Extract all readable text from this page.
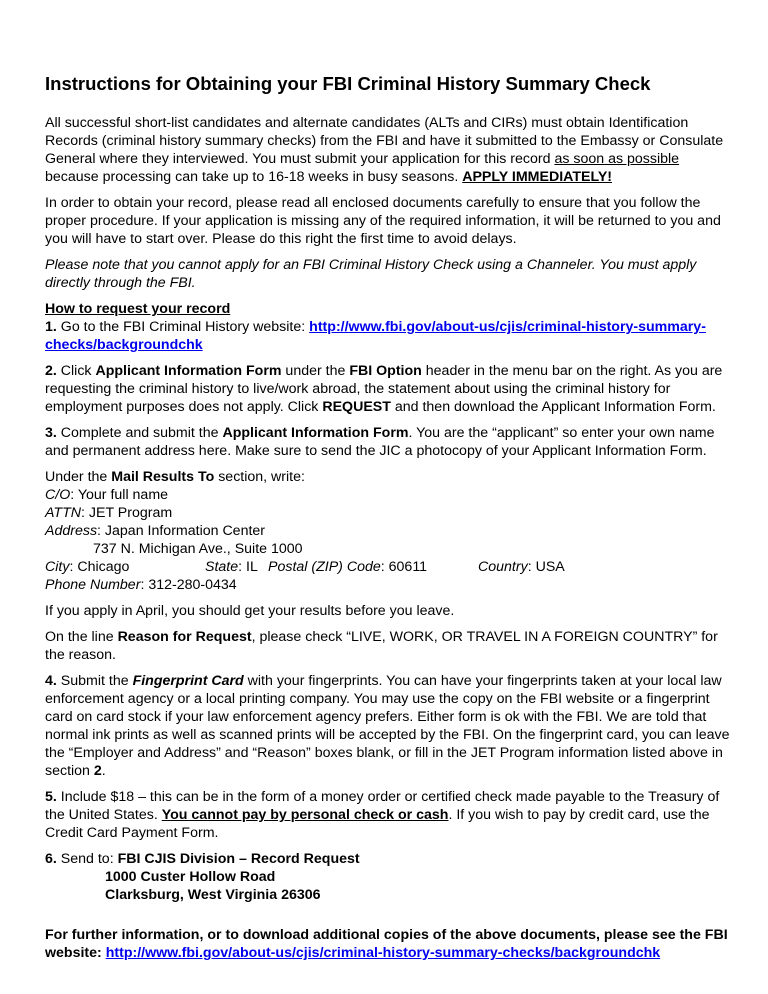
Instructions for Obtaining your FBI Criminal History Summary Check
All successful short-list candidates and alternate candidates (ALTs and CIRs) must obtain Identification Records (criminal history summary checks) from the FBI and have it submitted to the Embassy or Consulate General where they interviewed. You must submit your application for this record as soon as possible because processing can take up to 16-18 weeks in busy seasons. APPLY IMMEDIATELY!
In order to obtain your record, please read all enclosed documents carefully to ensure that you follow the proper procedure. If your application is missing any of the required information, it will be returned to you and you will have to start over. Please do this right the first time to avoid delays.
Please note that you cannot apply for an FBI Criminal History Check using a Channeler. You must apply directly through the FBI.
How to request your record
1. Go to the FBI Criminal History website: http://www.fbi.gov/about-us/cjis/criminal-history-summary-checks/backgroundchk
2. Click Applicant Information Form under the FBI Option header in the menu bar on the right. As you are requesting the criminal history to live/work abroad, the statement about using the criminal history for employment purposes does not apply. Click REQUEST and then download the Applicant Information Form.
3. Complete and submit the Applicant Information Form. You are the “applicant” so enter your own name and permanent address here. Make sure to send the JIC a photocopy of your Applicant Information Form.
Under the Mail Results To section, write:
C/O: Your full name
ATTN: JET Program
Address: Japan Information Center
737 N. Michigan Ave., Suite 1000
City: Chicago	State: IL Postal (ZIP) Code: 60611	Country: USA
Phone Number: 312-280-0434
If you apply in April, you should get your results before you leave.
On the line Reason for Request, please check “LIVE, WORK, OR TRAVEL IN A FOREIGN COUNTRY” for the reason.
4. Submit the Fingerprint Card with your fingerprints. You can have your fingerprints taken at your local law enforcement agency or a local printing company. You may use the copy on the FBI website or a fingerprint card on card stock if your law enforcement agency prefers. Either form is ok with the FBI. We are told that normal ink prints as well as scanned prints will be accepted by the FBI. On the fingerprint card, you can leave the “Employer and Address” and “Reason” boxes blank, or fill in the JET Program information listed above in section 2.
5. Include $18 – this can be in the form of a money order or certified check made payable to the Treasury of the United States. You cannot pay by personal check or cash. If you wish to pay by credit card, use the Credit Card Payment Form.
6. Send to: FBI CJIS Division – Record Request
1000 Custer Hollow Road
Clarksburg, West Virginia 26306
For further information, or to download additional copies of the above documents, please see the FBI website: http://www.fbi.gov/about-us/cjis/criminal-history-summary-checks/backgroundchk
